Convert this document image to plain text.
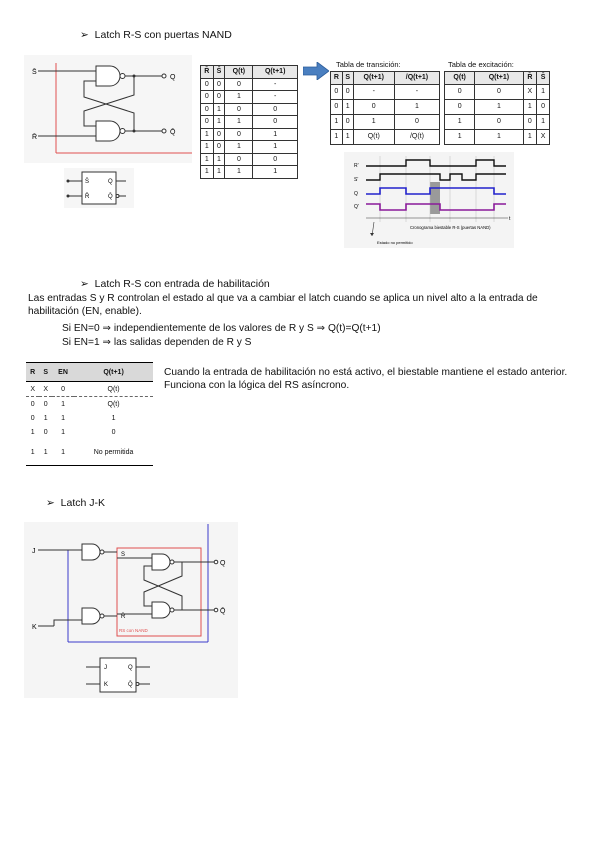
➢ Latch R-S con puertas NAND
S̄
R̄
Q
Q̄
S̄
R̄
Q
Q̄
R̄	S̄	Q(t)	Q(t+1)
0	0	0	-
0	0	1	-
0	1	0	0
0	1	1	0
1	0	0	1
1	0	1	1
1	1	0	0
1	1	1	1
Tabla de transición:
R	S	Q(t+1)	/Q(t+1)
0	0	-	-
0	1	0	1
1	0	1	0
1	1	Q(t)	/Q(t)
Tabla de excitación:
Q(t)	Q(t+1)	R̄	S̄
0	0	X	1
0	1	1	0
1	0	0	1
1	1	1	X
t
R'
S'
Q
Q'
Cronograma biestable R-S (puertas NAND)
Estado no permitido
➢ Latch R-S con entrada de habilitación
Las entradas S y R controlan el estado al que va a cambiar el latch cuando se aplica un nivel alto a la entrada de habilitación (EN, enable).
Si EN=0 ⇒ independientemente de los valores de R y S ⇒ Q(t)=Q(t+1)
Si EN=1 ⇒ las salidas dependen de R y S
R	S	EN	Q(t+1)
X	X	0	Q(t)
0	0	1	Q(t)
0	1	1	1
1	0	1	0
1	1	1	No permitida
Cuando la entrada de habilitación no está activo, el biestable mantiene el estado anterior. Funciona con la lógica del RS asíncrono.
➢ Latch J-K
J
K
S
R̄
Q
Q̄
RS con NAND
J
K
Q
Q̄
